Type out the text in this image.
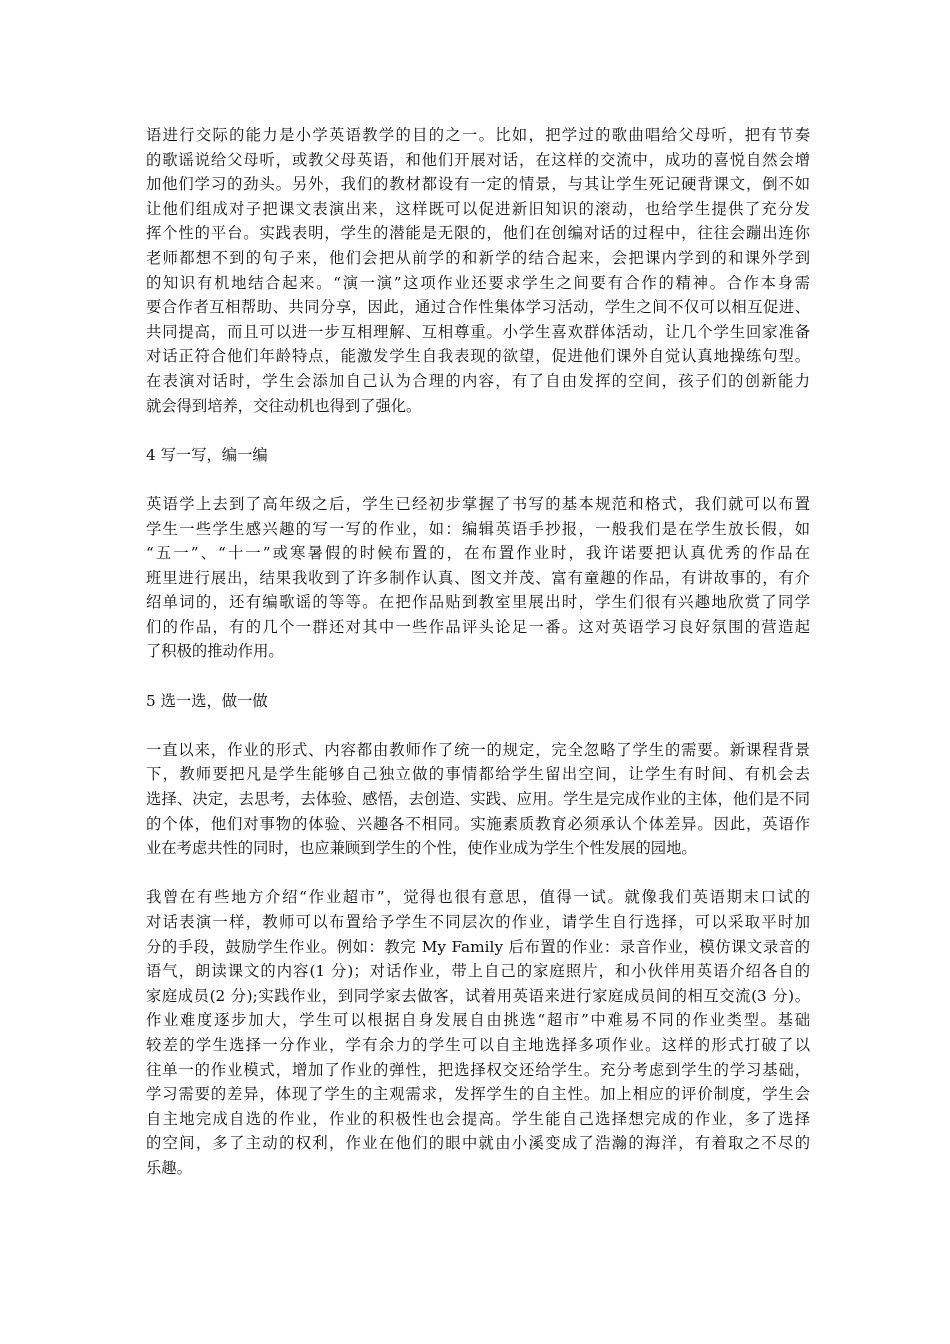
语进行交际的能力是小学英语教学的目的之一。比如，把学过的歌曲唱给父母听，把有节奏
的歌谣说给父母听，或教父母英语，和他们开展对话，在这样的交流中，成功的喜悦自然会增
加他们学习的劲头。另外，我们的教材都设有一定的情景，与其让学生死记硬背课文，倒不如
让他们组成对子把课文表演出来，这样既可以促进新旧知识的滚动，也给学生提供了充分发
挥个性的平台。实践表明，学生的潜能是无限的，他们在创编对话的过程中，往往会蹦出连你
老师都想不到的句子来，他们会把从前学的和新学的结合起来，会把课内学到的和课外学到
的知识有机地结合起来。“演一演”这项作业还要求学生之间要有合作的精神。合作本身需
要合作者互相帮助、共同分享，因此，通过合作性集体学习活动，学生之间不仅可以相互促进、
共同提高，而且可以进一步互相理解、互相尊重。小学生喜欢群体活动，让几个学生回家准备
对话正符合他们年龄特点，能激发学生自我表现的欲望，促进他们课外自觉认真地操练句型。
在表演对话时，学生会添加自己认为合理的内容，有了自由发挥的空间，孩子们的创新能力
就会得到培养，交往动机也得到了强化。
4 写一写，编一编
英语学上去到了高年级之后，学生已经初步掌握了书写的基本规范和格式，我们就可以布置
学生一些学生感兴趣的写一写的作业，如：编辑英语手抄报，一般我们是在学生放长假，如
“五一”、“十一”或寒暑假的时候布置的，在布置作业时，我许诺要把认真优秀的作品在
班里进行展出，结果我收到了许多制作认真、图文并茂、富有童趣的作品，有讲故事的，有介
绍单词的，还有编歌谣的等等。在把作品贴到教室里展出时，学生们很有兴趣地欣赏了同学
们的作品，有的几个一群还对其中一些作品评头论足一番。这对英语学习良好氛围的营造起
了积极的推动作用。
5 选一选，做一做
一直以来，作业的形式、内容都由教师作了统一的规定，完全忽略了学生的需要。新课程背景
下，教师要把凡是学生能够自己独立做的事情都给学生留出空间，让学生有时间、有机会去
选择、决定，去思考，去体验、感悟，去创造、实践、应用。学生是完成作业的主体，他们是不同
的个体，他们对事物的体验、兴趣各不相同。实施素质教育必须承认个体差异。因此，英语作
业在考虑共性的同时，也应兼顾到学生的个性，使作业成为学生个性发展的园地。
我曾在有些地方介绍“作业超市”，觉得也很有意思，值得一试。就像我们英语期末口试的
对话表演一样，教师可以布置给予学生不同层次的作业，请学生自行选择，可以采取平时加
分的手段，鼓励学生作业。例如：教完 My Family 后布置的作业：录音作业，模仿课文录音的
语气，朗读课文的内容(1 分)；对话作业，带上自己的家庭照片，和小伙伴用英语介绍各自的
家庭成员(2 分);实践作业，到同学家去做客，试着用英语来进行家庭成员间的相互交流(3 分)。
作业难度逐步加大，学生可以根据自身发展自由挑选“超市”中难易不同的作业类型。基础
较差的学生选择一分作业，学有余力的学生可以自主地选择多项作业。这样的形式打破了以
往单一的作业模式，增加了作业的弹性，把选择权交还给学生。充分考虑到学生的学习基础，
学习需要的差异，体现了学生的主观需求，发挥学生的自主性。加上相应的评价制度，学生会
自主地完成自选的作业，作业的积极性也会提高。学生能自己选择想完成的作业，多了选择
的空间，多了主动的权利，作业在他们的眼中就由小溪变成了浩瀚的海洋，有着取之不尽的
乐趣。
